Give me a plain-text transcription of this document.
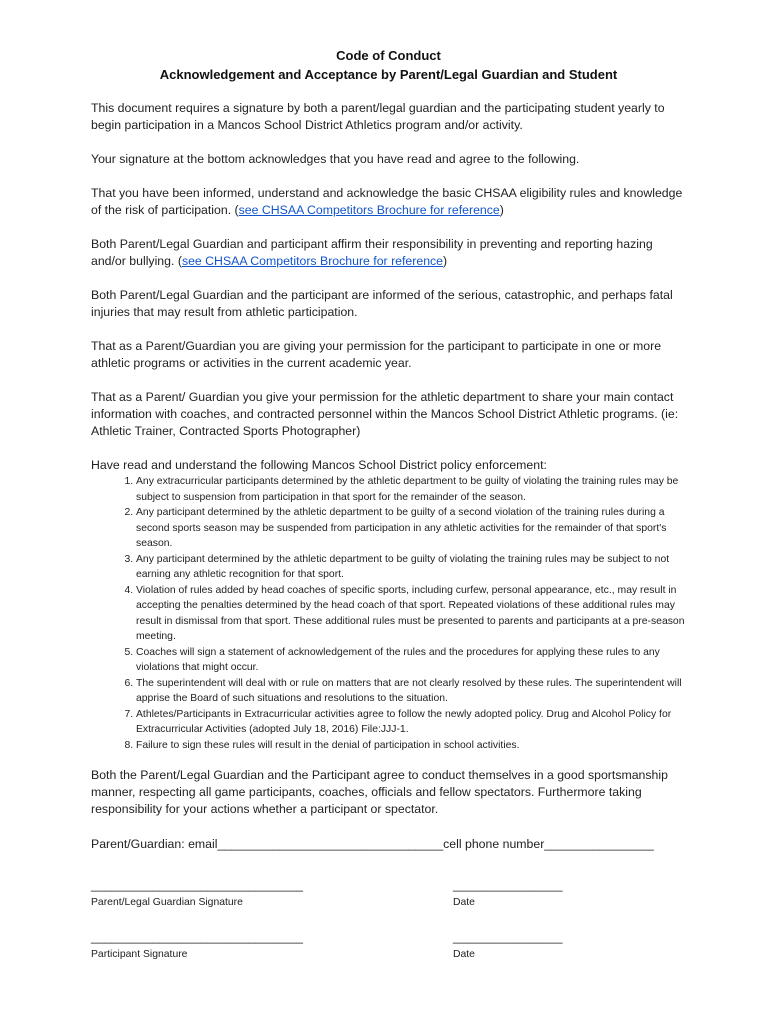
Code of Conduct
Acknowledgement and Acceptance by Parent/Legal Guardian and Student

This document requires a signature by both a parent/legal guardian and the participating student yearly to begin participation in a Mancos School District Athletics program and/or activity.

Your signature at the bottom acknowledges that you have read and agree to the following.

That you have been informed, understand and acknowledge the basic CHSAA eligibility rules and knowledge of the risk of participation. (see CHSAA Competitors Brochure for reference)

Both Parent/Legal Guardian and participant affirm their responsibility in preventing and reporting hazing and/or bullying. (see CHSAA Competitors Brochure for reference)

Both Parent/Legal Guardian and the participant are informed of the serious, catastrophic, and perhaps fatal injuries that may result from athletic participation.

That as a Parent/Guardian you are giving your permission for the participant to participate in one or more athletic programs or activities in the current academic year.

That as a Parent/ Guardian you give your permission for the athletic department to share your main contact information with coaches, and contracted personnel within the Mancos School District Athletic programs. (ie: Athletic Trainer, Contracted Sports Photographer)

Have read and understand the following Mancos School District policy enforcement:

1. Any extracurricular participants determined by the athletic department to be guilty of violating the training rules may be subject to suspension from participation in that sport for the remainder of the season.
2. Any participant determined by the athletic department to be guilty of a second violation of the training rules during a second sports season may be suspended from participation in any athletic activities for the remainder of that sport's season.
3. Any participant determined by the athletic department to be guilty of violating the training rules may be subject to not earning any athletic recognition for that sport.
4. Violation of rules added by head coaches of specific sports, including curfew, personal appearance, etc., may result in accepting the penalties determined by the head coach of that sport. Repeated violations of these additional rules may result in dismissal from that sport. These additional rules must be presented to parents and participants at a pre-season meeting.
5. Coaches will sign a statement of acknowledgement of the rules and the procedures for applying these rules to any violations that might occur.
6. The superintendent will deal with or rule on matters that are not clearly resolved by these rules. The superintendent will apprise the Board of such situations and resolutions to the situation.
7. Athletes/Participants in Extracurricular activities agree to follow the newly adopted policy. Drug and Alcohol Policy for Extracurricular Activities (adopted July 18, 2016) File:JJJ-1.
8. Failure to sign these rules will result in the denial of participation in school activities.

Both the Parent/Legal Guardian and the Participant agree to conduct themselves in a good sportsmanship manner, respecting all game participants, coaches, officials and fellow spectators. Furthermore taking responsibility for your actions whether a participant or spectator.

Parent/Guardian: email_________________________________cell phone number________________
_______________________________
Parent/Legal Guardian Signature
________________
Date
_______________________________
Participant Signature
________________
Date
